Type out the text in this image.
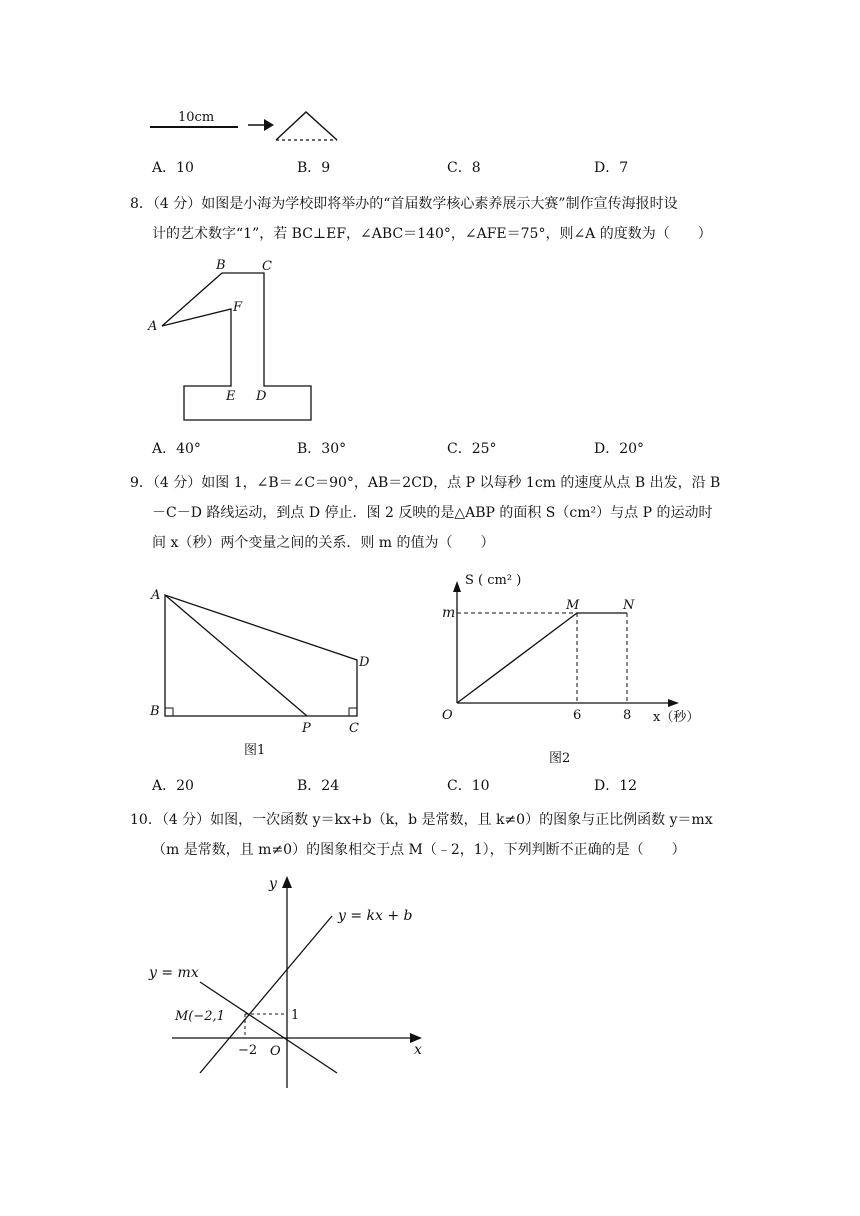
10cm
A．10	B．9	C．8	D．7
8．（4 分）如图是小海为学校即将举办的“首届数学核心素养展示大赛”制作宣传海报时设
计的艺术数字“1”，若 BC⊥EF，∠ABC＝140°，∠AFE＝75°，则∠A 的度数为（　　）
B	C
F
A
E D
A．40°	B．30°	C．25°	D．20°
9．（4 分）如图 1，∠B＝∠C＝90°，AB＝2CD，点 P 以每秒 1cm 的速度从点 B 出发，沿 B
－C－D 路线运动，到点 D 停止．图 2 反映的是△ABP 的面积 S（cm²）与点 P 的运动时
间 x（秒）两个变量之间的关系．则 m 的值为（　　）
A
B
D
P	C
图1
S ( cm² )
m	M	N
O	6	8 x（秒）
图2
A．20	B．24	C．10	D．12
10．（4 分）如图，一次函数 y＝kx+b（k，b 是常数，且 k≠0）的图象与正比例函数 y＝mx
（m 是常数，且 m≠0）的图象相交于点 M（﹣2，1），下列判断不正确的是（　　）
y
x
y = kx + b
y = mx
M(−2,1	1
−2 O
